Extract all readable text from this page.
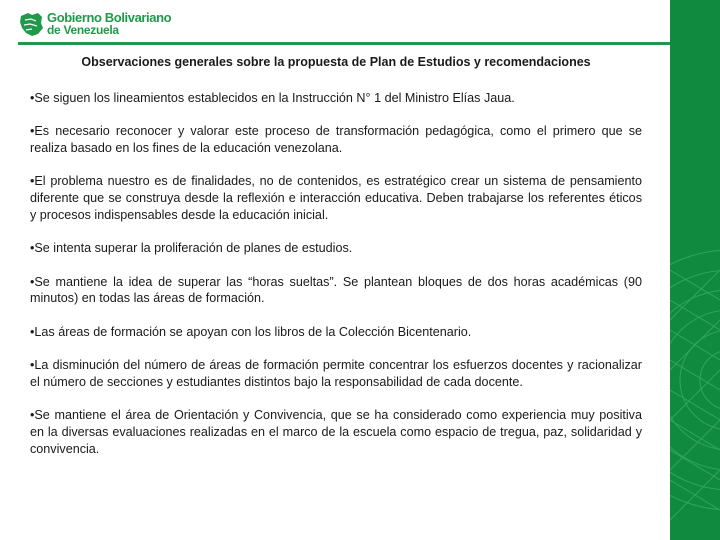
Gobierno Bolivariano
de Venezuela
Observaciones generales sobre la propuesta de Plan de Estudios y recomendaciones

•Se siguen los lineamientos establecidos en la Instrucción N° 1 del Ministro Elías Jaua.

•Es necesario reconocer y valorar este proceso de transformación pedagógica, como el primero que se realiza basado en los fines de la educación venezolana.

•El problema nuestro es de finalidades, no de contenidos, es estratégico crear un sistema de pensamiento diferente que se construya desde la reflexión e interacción educativa. Deben trabajarse los referentes éticos y procesos indispensables desde la educación inicial.

•Se intenta superar la proliferación de planes de estudios.

•Se mantiene la idea de superar las “horas sueltas”. Se plantean bloques de dos horas académicas (90 minutos) en todas las áreas de formación.

•Las áreas de formación se apoyan con los libros de la Colección Bicentenario.

•La disminución del número de áreas de formación permite concentrar los esfuerzos docentes y racionalizar el número de secciones y estudiantes distintos bajo la responsabilidad de cada docente.

•Se mantiene el área de Orientación y Convivencia, que se ha considerado como experiencia muy positiva en la diversas evaluaciones realizadas en el marco de la escuela como espacio de tregua, paz, solidaridad y convivencia.
